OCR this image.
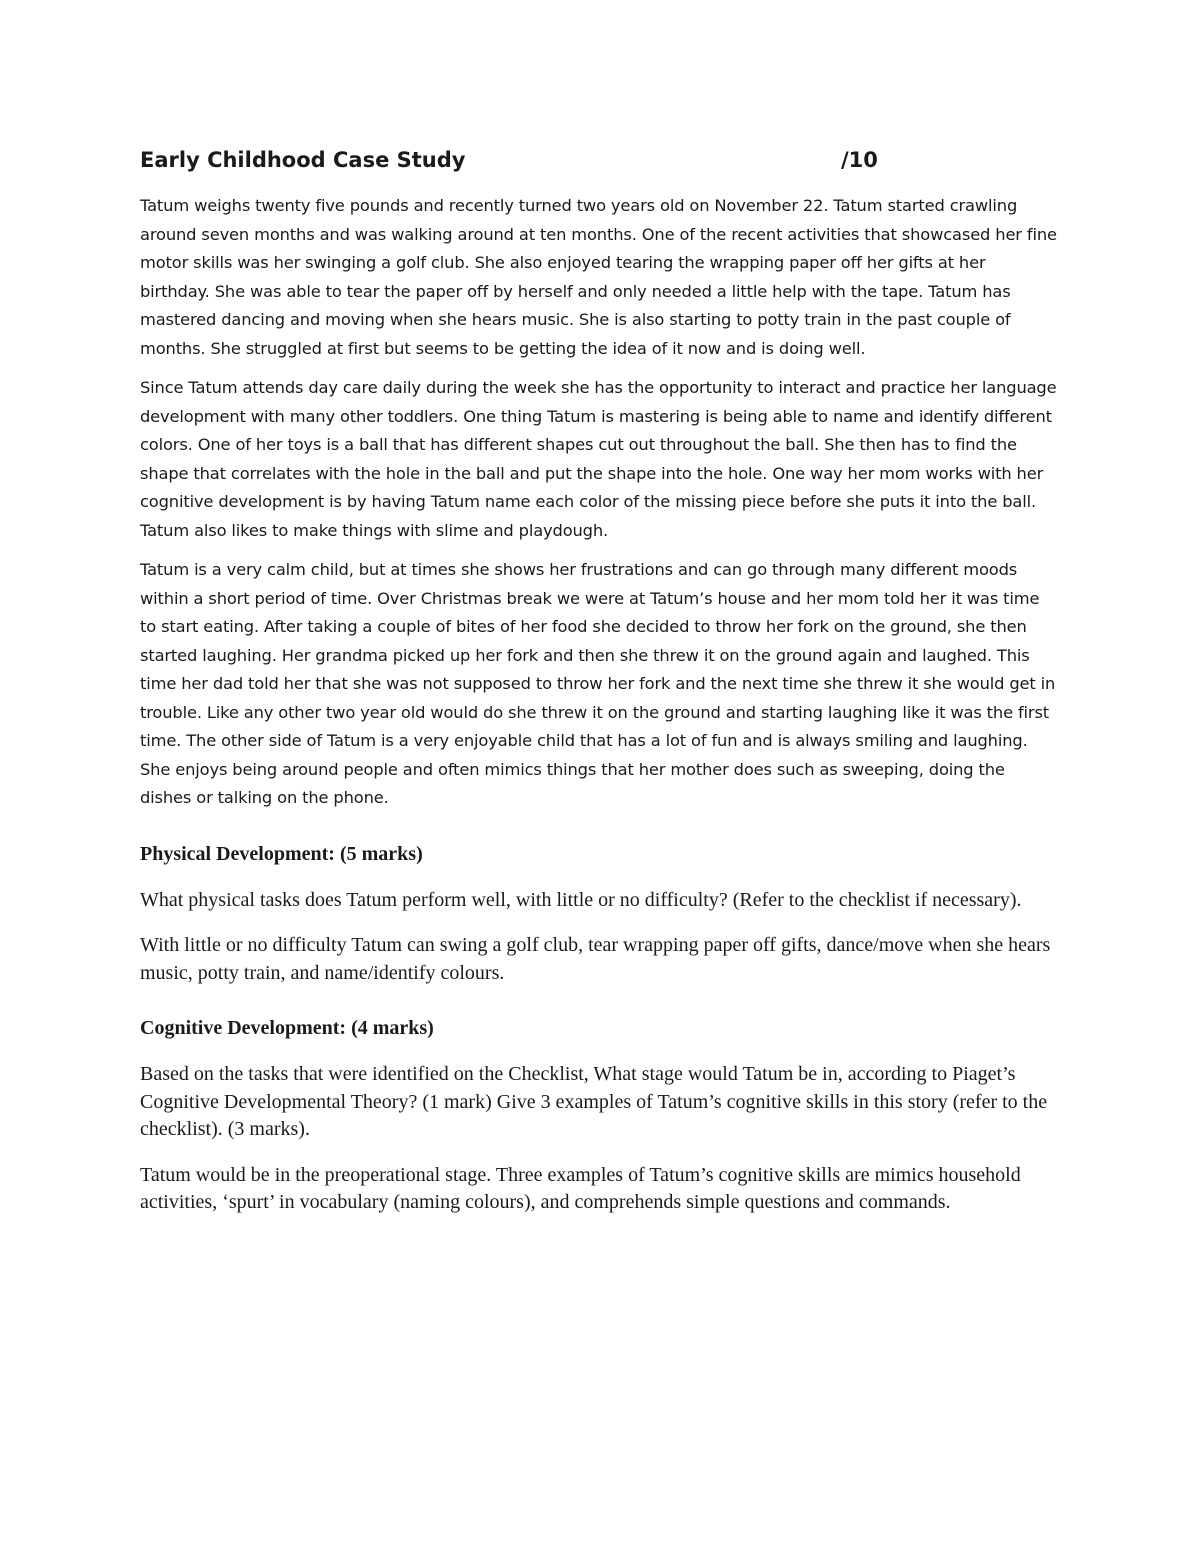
Early Childhood Case Study	/10

Tatum weighs twenty five pounds and recently turned two years old on November 22. Tatum started crawling around seven months and was walking around at ten months. One of the recent activities that showcased her fine motor skills was her swinging a golf club. She also enjoyed tearing the wrapping paper off her gifts at her birthday. She was able to tear the paper off by herself and only needed a little help with the tape. Tatum has mastered dancing and moving when she hears music. She is also starting to potty train in the past couple of months. She struggled at first but seems to be getting the idea of it now and is doing well.

Since Tatum attends day care daily during the week she has the opportunity to interact and practice her language development with many other toddlers. One thing Tatum is mastering is being able to name and identify different colors. One of her toys is a ball that has different shapes cut out throughout the ball. She then has to find the shape that correlates with the hole in the ball and put the shape into the hole. One way her mom works with her cognitive development is by having Tatum name each color of the missing piece before she puts it into the ball. Tatum also likes to make things with slime and playdough.

Tatum is a very calm child, but at times she shows her frustrations and can go through many different moods within a short period of time. Over Christmas break we were at Tatum’s house and her mom told her it was time to start eating. After taking a couple of bites of her food she decided to throw her fork on the ground, she then started laughing. Her grandma picked up her fork and then she threw it on the ground again and laughed. This time her dad told her that she was not supposed to throw her fork and the next time she threw it she would get in trouble. Like any other two year old would do she threw it on the ground and starting laughing like it was the first time. The other side of Tatum is a very enjoyable child that has a lot of fun and is always smiling and laughing. She enjoys being around people and often mimics things that her mother does such as sweeping, doing the dishes or talking on the phone.

Physical Development: (5 marks)

What physical tasks does Tatum perform well, with little or no difficulty? (Refer to the checklist if necessary).

With little or no difficulty Tatum can swing a golf club, tear wrapping paper off gifts, dance/move when she hears music, potty train, and name/identify colours.

Cognitive Development: (4 marks)

Based on the tasks that were identified on the Checklist, What stage would Tatum be in, according to Piaget’s Cognitive Developmental Theory? (1 mark) Give 3 examples of Tatum’s cognitive skills in this story (refer to the checklist). (3 marks).

Tatum would be in the preoperational stage. Three examples of Tatum’s cognitive skills are mimics household activities, ‘spurt’ in vocabulary (naming colours), and comprehends simple questions and commands.
